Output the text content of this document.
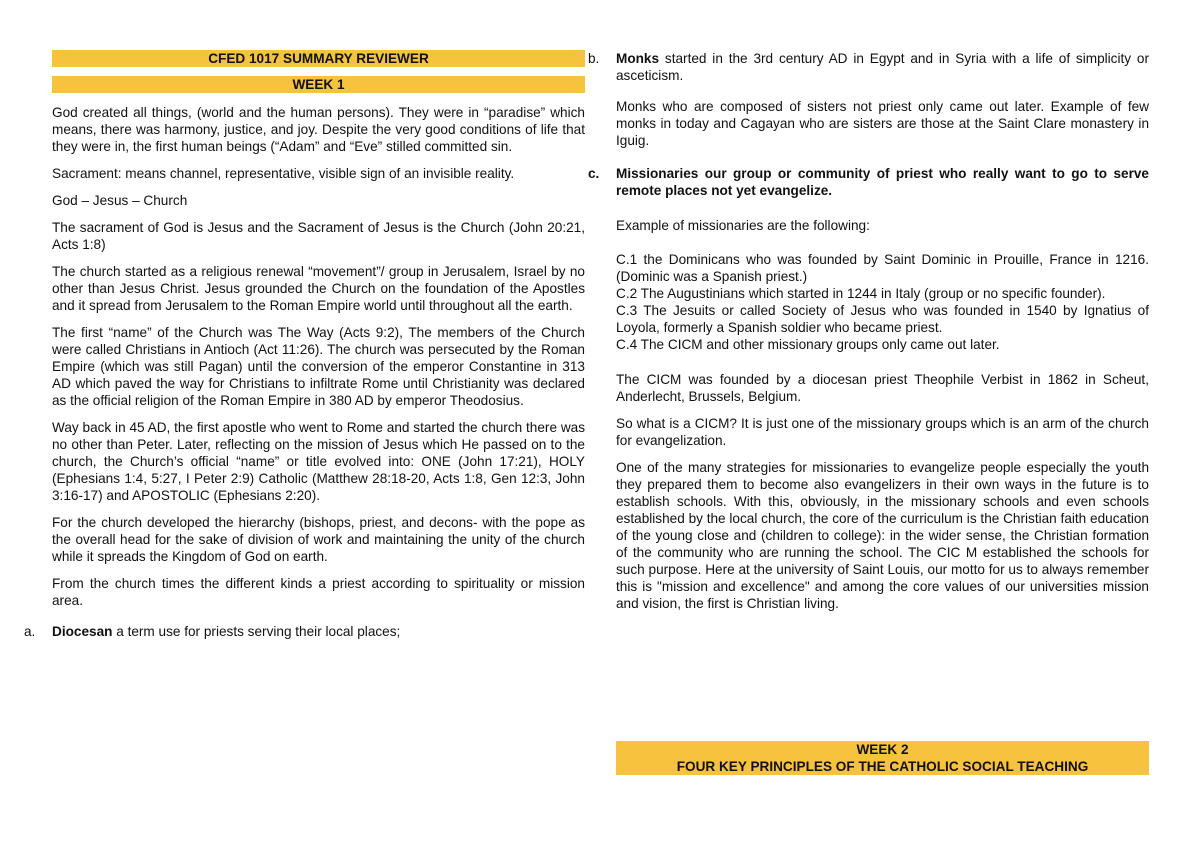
CFED 1017 SUMMARY REVIEWER
WEEK 1

God created all things, (world and the human persons). They were in “paradise” which means, there was harmony, justice, and joy. Despite the very good conditions of life that they were in, the first human beings (“Adam” and “Eve” stilled committed sin.

Sacrament: means channel, representative, visible sign of an invisible reality.

God – Jesus – Church

The sacrament of God is Jesus and the Sacrament of Jesus is the Church (John 20:21, Acts 1:8)

The church started as a religious renewal “movement”/ group in Jerusalem, Israel by no other than Jesus Christ. Jesus grounded the Church on the foundation of the Apostles and it spread from Jerusalem to the Roman Empire world until throughout all the earth.

The first “name” of the Church was The Way (Acts 9:2), The members of the Church were called Christians in Antioch (Act 11:26). The church was persecuted by the Roman Empire (which was still Pagan) until the conversion of the emperor Constantine in 313 AD which paved the way for Christians to infiltrate Rome until Christianity was declared as the official religion of the Roman Empire in 380 AD by emperor Theodosius.

Way back in 45 AD, the first apostle who went to Rome and started the church there was no other than Peter. Later, reflecting on the mission of Jesus which He passed on to the church, the Church’s official “name” or title evolved into: ONE (John 17:21), HOLY (Ephesians 1:4, 5:27, I Peter 2:9) Catholic (Matthew 28:18-20, Acts 1:8, Gen 12:3, John 3:16-17) and APOSTOLIC (Ephesians 2:20).

For the church developed the hierarchy (bishops, priest, and decons- with the pope as the overall head for the sake of division of work and maintaining the unity of the church while it spreads the Kingdom of God on earth.

From the church times the different kinds a priest according to spirituality or mission area.

a. Diocesan a term use for priests serving their local places;
b. Monks started in the 3rd century AD in Egypt and in Syria with a life of simplicity or asceticism.

Monks who are composed of sisters not priest only came out later. Example of few monks in today and Cagayan who are sisters are those at the Saint Clare monastery in Iguig.

c. Missionaries our group or community of priest who really want to go to serve remote places not yet evangelize.

Example of missionaries are the following:

C.1 the Dominicans who was founded by Saint Dominic in Prouille, France in 1216. (Dominic was a Spanish priest.)

C.2 The Augustinians which started in 1244 in Italy (group or no specific founder).

C.3 The Jesuits or called Society of Jesus who was founded in 1540 by Ignatius of Loyola, formerly a Spanish soldier who became priest.

C.4 The CICM and other missionary groups only came out later.

The CICM was founded by a diocesan priest Theophile Verbist in 1862 in Scheut, Anderlecht, Brussels, Belgium.

So what is a CICM? It is just one of the missionary groups which is an arm of the church for evangelization.

One of the many strategies for missionaries to evangelize people especially the youth they prepared them to become also evangelizers in their own ways in the future is to establish schools. With this, obviously, in the missionary schools and even schools established by the local church, the core of the curriculum is the Christian faith education of the young close and (children to college): in the wider sense, the Christian formation of the community who are running the school. The CIC M established the schools for such purpose. Here at the university of Saint Louis, our motto for us to always remember this is "mission and excellence" and among the core values of our universities mission and vision, the first is Christian living.

WEEK 2
FOUR KEY PRINCIPLES OF THE CATHOLIC SOCIAL TEACHING
